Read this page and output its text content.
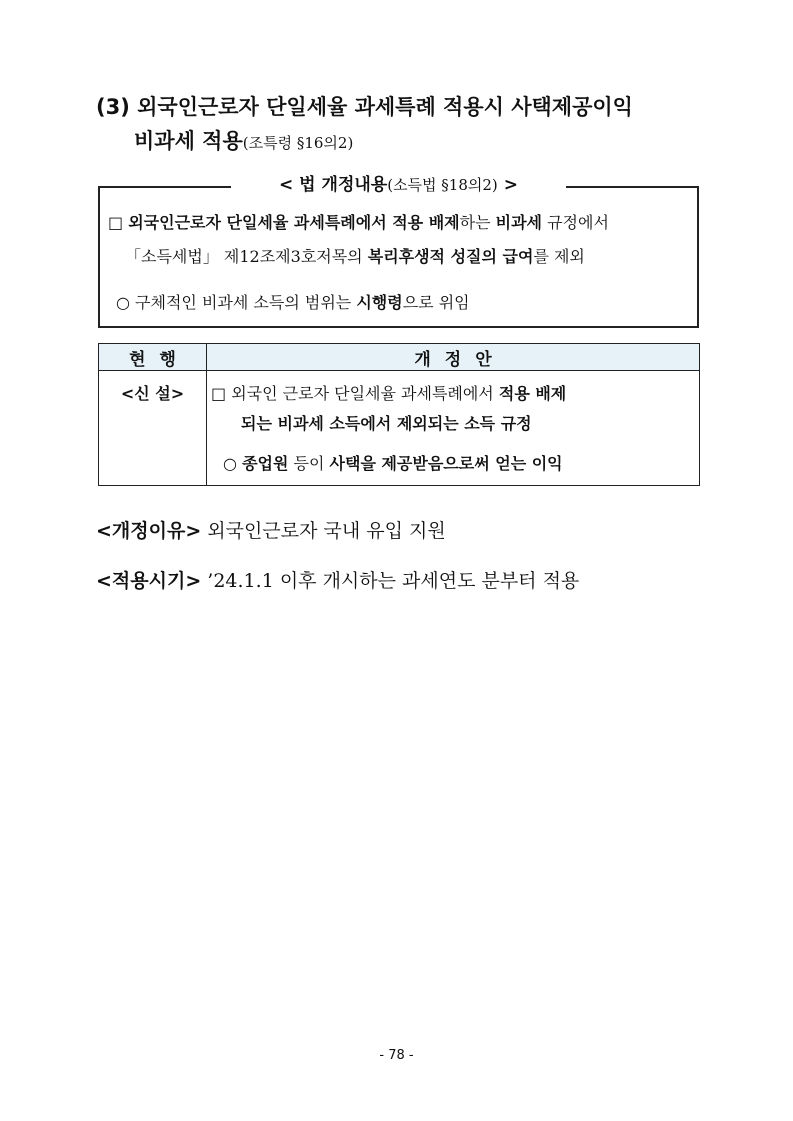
(3) 외국인근로자 단일세율 과세특례 적용시 사택제공이익
비과세 적용(조특령 §16의2)
< 법 개정내용(소득법 §18의2) >
□ 외국인근로자 단일세율 과세특례에서 적용 배제하는 비과세 규정에서
「소득세법」 제12조제3호저목의 복리후생적 성질의 급여를 제외
○ 구체적인 비과세 소득의 범위는 시행령으로 위임
현행	개정안
<신 설>	□ 외국인 근로자 단일세율 과세특례에서 적용 배제
되는 비과세 소득에서 제외되는 소득 규정
○ 종업원 등이 사택을 제공받음으로써 얻는 이익
<개정이유> 외국인근로자 국내 유입 지원
<적용시기> ’24.1.1 이후 개시하는 과세연도 분부터 적용
- 78 -
